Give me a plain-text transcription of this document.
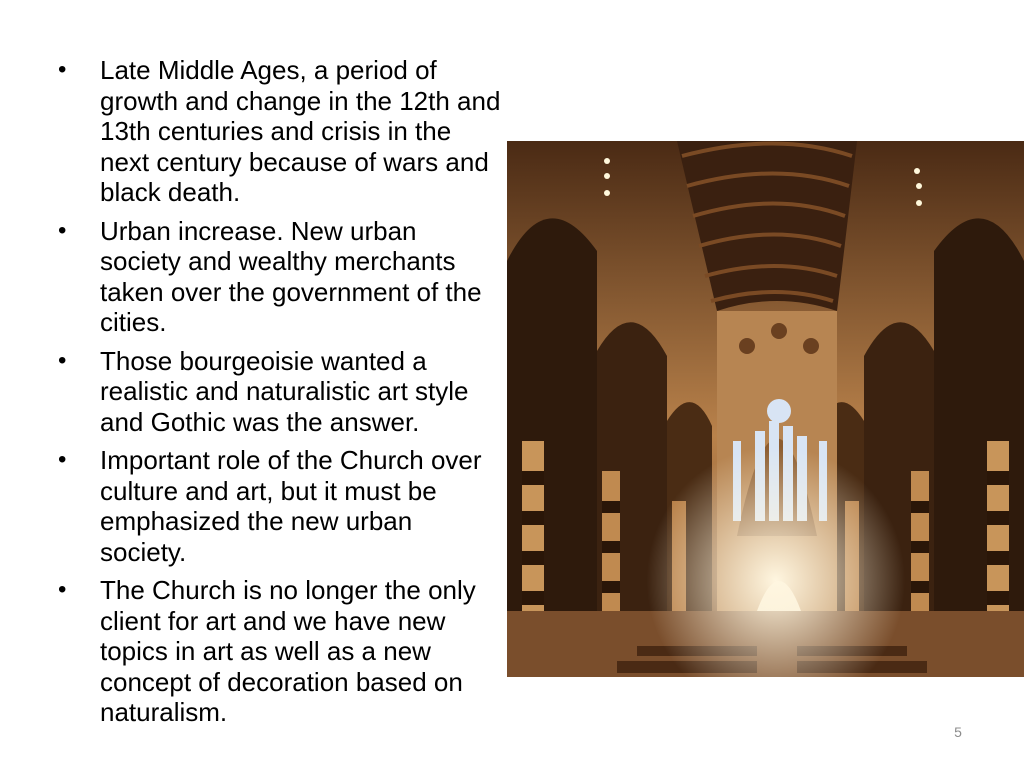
• Late Middle Ages, a period of growth and change in the 12th and 13th centuries and crisis in the next century because of wars and black death.
• Urban increase. New urban society and wealthy merchants taken over the government of the cities.
• Those bourgeoisie wanted a realistic and naturalistic art style and Gothic was the answer.
• Important role of the Church over culture and art, but it must be emphasized the new urban society.
• The Church is no longer the only client for art and we have new topics in art as well as a new concept of decoration based on naturalism.
5
